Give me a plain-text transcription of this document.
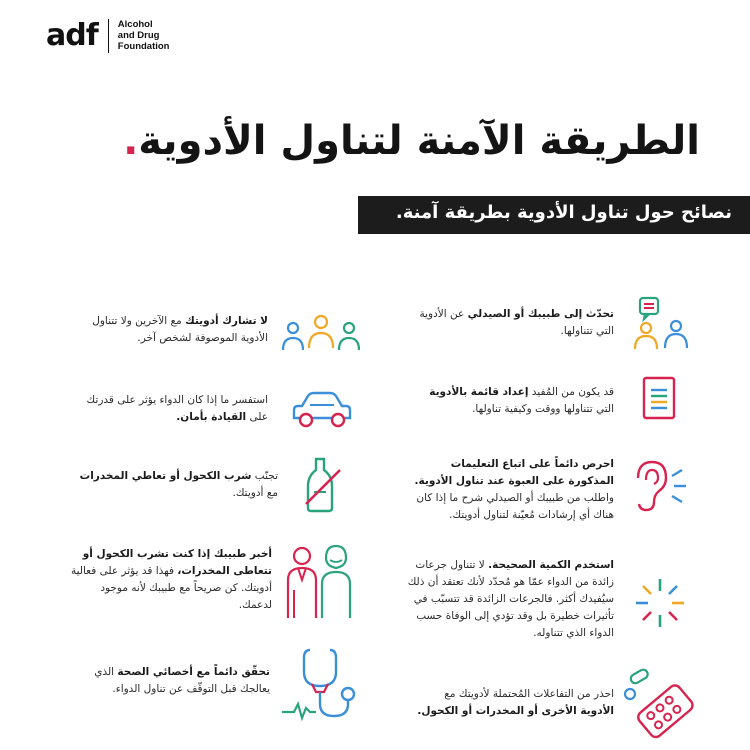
adf Alcohol
and Drug
Foundation
الطريقة الآمنة لتناول الأدوية.
نصائح حول تناول الأدوية بطريقة آمنة.
تحدّث إلى طبيبك أو الصيدلي عن الأدوية التي تتناولها.
قد يكون من المُفيد إعداد قائمة بالأدوية التي تتناولها ووقت وكيفية تناولها.
احرص دائماً على اتباع التعليمات المذكورة على العبوة عند تناول الأدوية. واطلب من طبيبك أو الصيدلي شرح ما إذا كان هناك أي إرشادات مُعيّنة لتناول أدويتك.
استخدم الكمية الصحيحة. لا تتناول جرعات زائدة من الدواء عمّا هو مُحدّد لأنك تعتقد أن ذلك سيُفيدك أكثر. فالجرعات الزائدة قد تتسبّب في تأثيرات خطيرة بل وقد تؤدي إلى الوفاة حسب الدواء الذي تتناوله.
احذر من التفاعلات المُحتملة لأدويتك مع الأدوية الأخرى أو المخدرات أو الكحول.
لا تشارك أدويتك مع الآخرين ولا تتناول الأدوية الموصوفة لشخص آخر.
استفسر ما إذا كان الدواء يؤثر على قدرتك على القيادة بأمان.
تجنّب شرب الكحول أو تعاطي المخدرات مع أدويتك.
أخبر طبيبك إذا كنت تشرب الكحول أو تتعاطى المخدرات، فهذا قد يؤثر على فعالية أدويتك. كن صريحاً مع طبيبك لأنه موجود لدعمك.
تحقّق دائماً مع أخصائي الصحة الذي يعالجك قبل التوقّف عن تناول الدواء.
